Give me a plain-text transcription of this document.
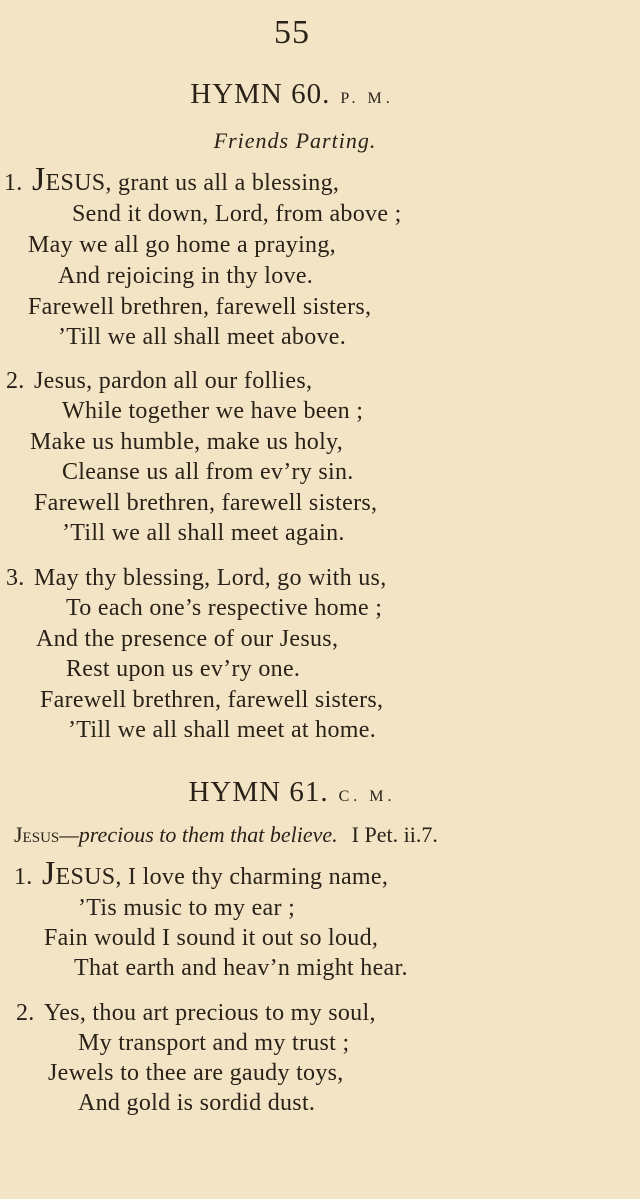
55
HYMN 60. P. M.
Friends Parting.
1. JESUS, grant us all a blessing,
Send it down, Lord, from above ;
May we all go home a praying,
And rejoicing in thy love.
Farewell brethren, farewell sisters,
’Till we all shall meet above.
2. Jesus, pardon all our follies,
While together we have been ;
Make us humble, make us holy,
Cleanse us all from ev’ry sin.
Farewell brethren, farewell sisters,
’Till we all shall meet again.
3. May thy blessing, Lord, go with us,
To each one’s respective home ;
And the presence of our Jesus,
Rest upon us ev’ry one.
Farewell brethren, farewell sisters,
’Till we all shall meet at home.
HYMN 61. C. M.
Jesus—precious to them that believe. I Pet. ii.7.
1. JESUS, I love thy charming name,
’Tis music to my ear ;
Fain would I sound it out so loud,
That earth and heav’n might hear.
2. Yes, thou art precious to my soul,
My transport and my trust ;
Jewels to thee are gaudy toys,
And gold is sordid dust.
